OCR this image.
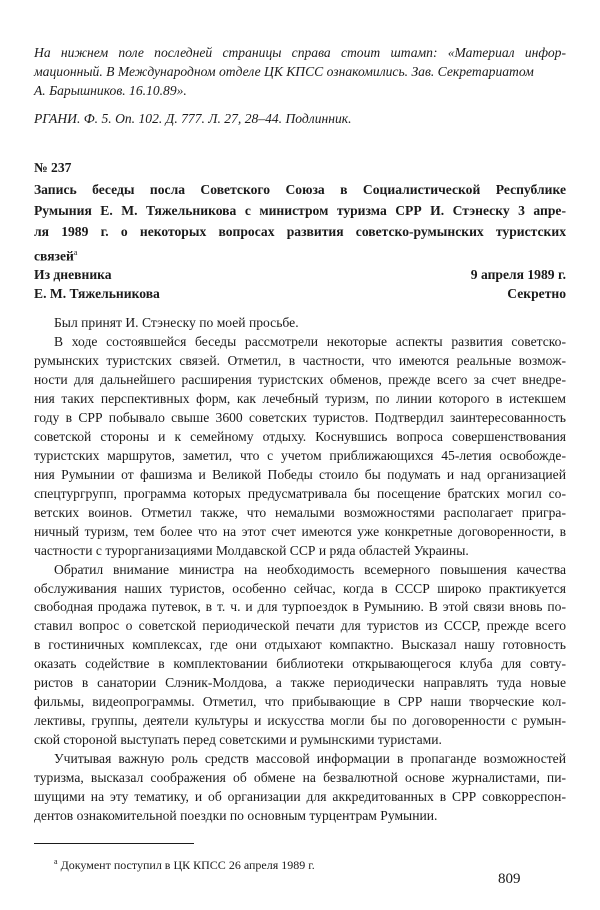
На нижнем поле последней страницы справа стоит штамп: «Материал инфор-
мационный. В Международном отделе ЦК КПСС ознакомились. Зав. Секретариатом
А. Барышников. 16.10.89».
РГАНИ. Ф. 5. Оп. 102. Д. 777. Л. 27, 28–44. Подлинник.
№ 237
Запись беседы посла Советского Союза в Социалистической Республике
Румыния Е. М. Тяжельникова с министром туризма СРР И. Стэнеску 3 апре-
ля 1989 г. о некоторых вопросах развития советско-румынских туристских
связей$^а$
Из дневника	9 апреля 1989 г.
Е. М. Тяжельникова	Секретно
Был принят И. Стэнеску по моей просьбе.
В ходе состоявшейся беседы рассмотрели некоторые аспекты развития советско-
румынских туристских связей. Отметил, в частности, что имеются реальные возмож-
ности для дальнейшего расширения туристских обменов, прежде всего за счет внедре-
ния таких перспективных форм, как лечебный туризм, по линии которого в истекшем
году в СРР побывало свыше 3600 советских туристов. Подтвердил заинтересованность
советской стороны и к семейному отдыху. Коснувшись вопроса совершенствования
туристских маршрутов, заметил, что с учетом приближающихся 45-летия освобожде-
ния Румынии от фашизма и Великой Победы стоило бы подумать и над организацией
спецтургрупп, программа которых предусматривала бы посещение братских могил со-
ветских воинов. Отметил также, что немалыми возможностями располагает пригра-
ничный туризм, тем более что на этот счет имеются уже конкретные договоренности, в
частности с турорганизациями Молдавской ССР и ряда областей Украины.
Обратил внимание министра на необходимость всемерного повышения качества
обслуживания наших туристов, особенно сейчас, когда в СССР широко практикуется
свободная продажа путевок, в т. ч. и для турпоездок в Румынию. В этой связи вновь по-
ставил вопрос о советской периодической печати для туристов из СССР, прежде всего
в гостиничных комплексах, где они отдыхают компактно. Высказал нашу готовность
оказать содействие в комплектовании библиотеки открывающегося клуба для совту-
ристов в санатории Слэник-Молдова, а также периодически направлять туда новые
фильмы, видеопрограммы. Отметил, что прибывающие в СРР наши творческие кол-
лективы, группы, деятели культуры и искусства могли бы по договоренности с румын-
ской стороной выступать перед советскими и румынскими туристами.
Учитывая важную роль средств массовой информации в пропаганде возможностей
туризма, высказал соображения об обмене на безвалютной основе журналистами, пи-
шущими на эту тематику, и об организации для аккредитованных в СРР совкорреспон-
дентов ознакомительной поездки по основным турцентрам Румынии.
$^а$ Документ поступил в ЦК КПСС 26 апреля 1989 г.
809
